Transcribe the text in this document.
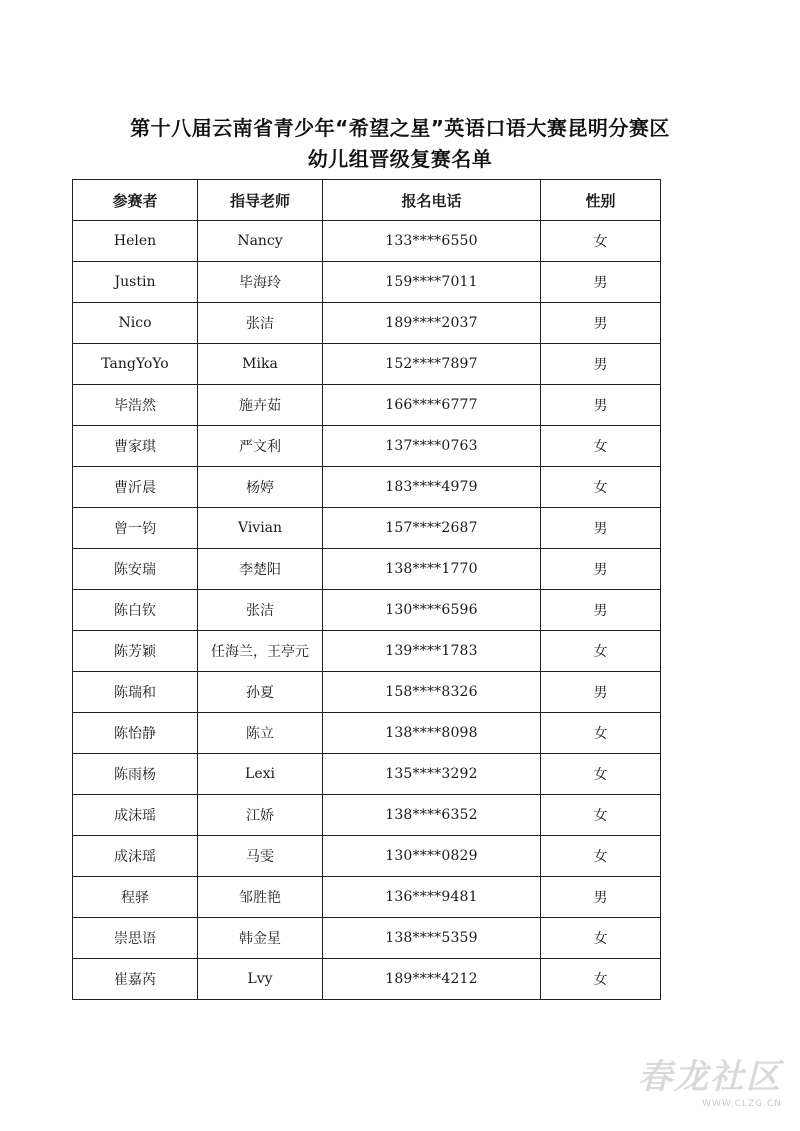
第十八届云南省青少年“希望之星”英语口语大赛昆明分赛区
幼儿组晋级复赛名单
参赛者	指导老师	报名电话	性别
Helen	Nancy	133****6550	女
Justin	毕海玲	159****7011	男
Nico	张洁	189****2037	男
TangYoYo	Mika	152****7897	男
毕浩然	施卉茹	166****6777	男
曹家琪	严文利	137****0763	女
曹沂晨	杨婷	183****4979	女
曾一钧	Vivian	157****2687	男
陈安瑞	李楚阳	138****1770	男
陈白钦	张洁	130****6596	男
陈芳颖	任海兰，王亭元	139****1783	女
陈瑞和	孙夏	158****8326	男
陈怡静	陈立	138****8098	女
陈雨杨	Lexi	135****3292	女
成沫瑶	江娇	138****6352	女
成沫瑶	马雯	130****0829	女
程驿	邹胜艳	136****9481	男
崇思语	韩金星	138****5359	女
崔嘉芮	Lvy	189****4212	女
春龙社区
WWW.CLZG.CN
